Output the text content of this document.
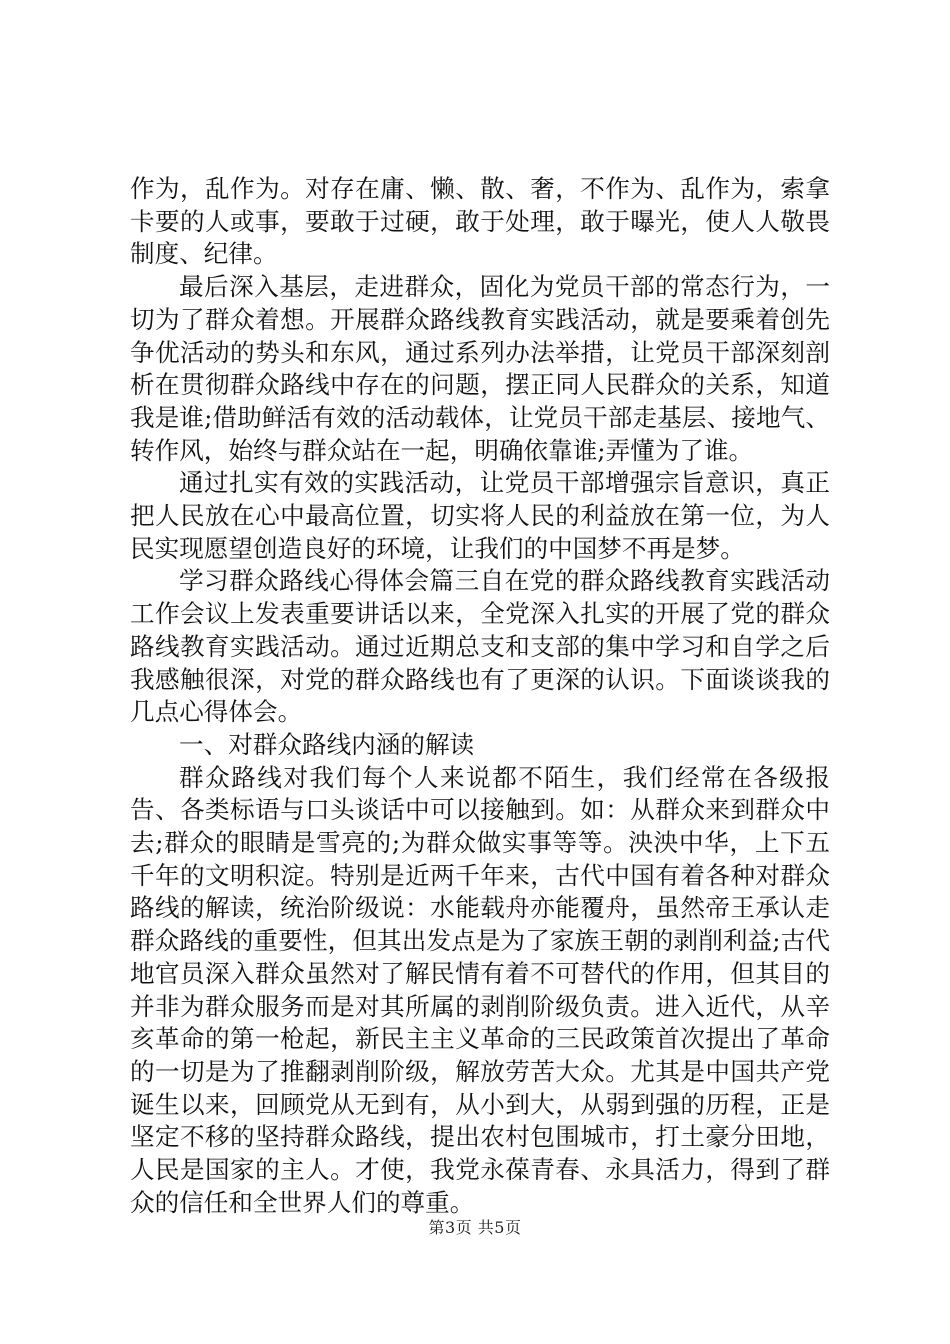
作为，乱作为。对存在庸、懒、散、奢，不作为、乱作为，索拿卡要的人或事，要敢于过硬，敢于处理，敢于曝光，使人人敬畏制度、纪律。

最后深入基层，走进群众，固化为党员干部的常态行为，一切为了群众着想。开展群众路线教育实践活动，就是要乘着创先争优活动的势头和东风，通过系列办法举措，让党员干部深刻剖析在贯彻群众路线中存在的问题，摆正同人民群众的关系，知道我是谁;借助鲜活有效的活动载体，让党员干部走基层、接地气、转作风，始终与群众站在一起，明确依靠谁;弄懂为了谁。

通过扎实有效的实践活动，让党员干部增强宗旨意识，真正把人民放在心中最高位置，切实将人民的利益放在第一位，为人民实现愿望创造良好的环境，让我们的中国梦不再是梦。

学习群众路线心得体会篇三自在党的群众路线教育实践活动工作会议上发表重要讲话以来，全党深入扎实的开展了党的群众路线教育实践活动。通过近期总支和支部的集中学习和自学之后我感触很深，对党的群众路线也有了更深的认识。下面谈谈我的几点心得体会。

一、对群众路线内涵的解读

群众路线对我们每个人来说都不陌生，我们经常在各级报告、各类标语与口头谈话中可以接触到。如：从群众来到群众中去;群众的眼睛是雪亮的;为群众做实事等等。泱泱中华，上下五千年的文明积淀。特别是近两千年来，古代中国有着各种对群众路线的解读，统治阶级说：水能载舟亦能覆舟，虽然帝王承认走群众路线的重要性，但其出发点是为了家族王朝的剥削利益;古代地官员深入群众虽然对了解民情有着不可替代的作用，但其目的并非为群众服务而是对其所属的剥削阶级负责。进入近代，从辛亥革命的第一枪起，新民主主义革命的三民政策首次提出了革命的一切是为了推翻剥削阶级，解放劳苦大众。尤其是中国共产党诞生以来，回顾党从无到有，从小到大，从弱到强的历程，正是坚定不移的坚持群众路线，提出农村包围城市，打土豪分田地，人民是国家的主人。才使，我党永葆青春、永具活力，得到了群众的信任和全世界人们的尊重。

第3页 共5页
